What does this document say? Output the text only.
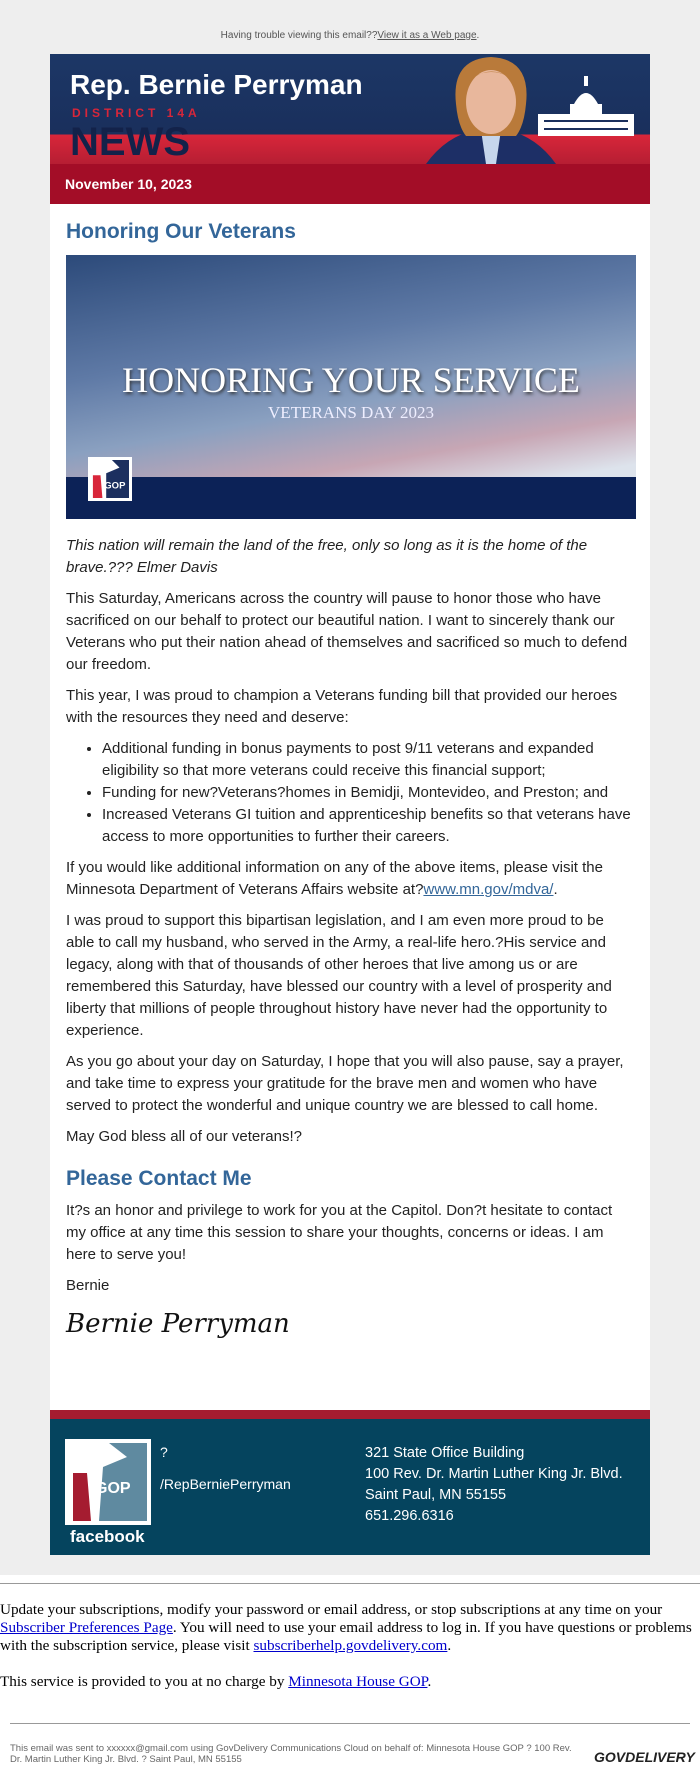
Having trouble viewing this email??View it as a Web page.
Rep. Bernie Perryman
DISTRICT 14A
NEWS
November 10, 2023
Honoring Our Veterans
HONORING YOUR SERVICE
VETERANS DAY 2023
GOP

This nation will remain the land of the free, only so long as it is the home of the brave.??? Elmer Davis

This Saturday, Americans across the country will pause to honor those who have sacrificed on our behalf to protect our beautiful nation. I want to sincerely thank our Veterans who put their nation ahead of themselves and sacrificed so much to defend our freedom.

This year, I was proud to champion a Veterans funding bill that provided our heroes with the resources they need and deserve:

• Additional funding in bonus payments to post 9/11 veterans and expanded eligibility so that more veterans could receive this financial support;
• Funding for new?Veterans?homes in Bemidji, Montevideo, and Preston; and
• Increased Veterans GI tuition and apprenticeship benefits so that veterans have access to more opportunities to further their careers.

If you would like additional information on any of the above items, please visit the Minnesota Department of Veterans Affairs website at?www.mn.gov/mdva/.

I was proud to support this bipartisan legislation, and I am even more proud to be able to call my husband, who served in the Army, a real-life hero.?His service and legacy, along with that of thousands of other heroes that live among us or are remembered this Saturday, have blessed our country with a level of prosperity and liberty that millions of people throughout history have never had the opportunity to experience.

As you go about your day on Saturday, I hope that you will also pause, say a prayer, and take time to express your gratitude for the brave men and women who have served to protect the wonderful and unique country we are blessed to call home.

May God bless all of our veterans!?

Please Contact Me

It?s an honor and privilege to work for you at the Capitol. Don?t hesitate to contact my office at any time this session to share your thoughts, concerns or ideas. I am here to serve you!

Bernie

Bernie Perryman
GOP
facebook
?
/RepBerniePerryman
321 State Office Building
100 Rev. Dr. Martin Luther King Jr. Blvd.
Saint Paul, MN 55155
651.296.6316

Update your subscriptions, modify your password or email address, or stop subscriptions at any time on your Subscriber Preferences Page. You will need to use your email address to log in. If you have questions or problems with the subscription service, please visit subscriberhelp.govdelivery.com.

This service is provided to you at no charge by Minnesota House GOP.

This email was sent to xxxxxx@gmail.com using GovDelivery Communications Cloud on behalf of: Minnesota House GOP ? 100 Rev. Dr. Martin Luther King Jr. Blvd. ? Saint Paul, MN 55155	GOVDELIVERY
